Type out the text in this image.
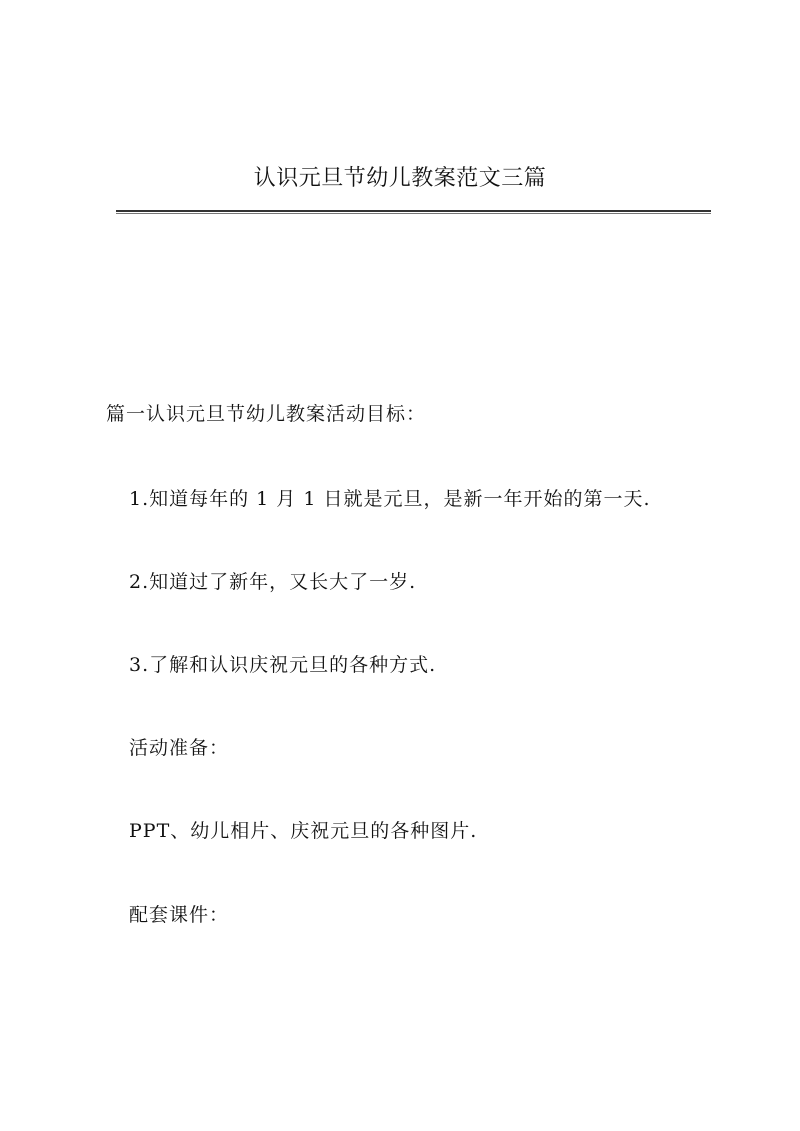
认识元旦节幼儿教案范文三篇

篇一认识元旦节幼儿教案活动目标：

1.知道每年的 1 月 1 日就是元旦，是新一年开始的第一天.

2.知道过了新年，又长大了一岁.

3.了解和认识庆祝元旦的各种方式.

活动准备：

PPT、幼儿相片、庆祝元旦的各种图片.

配套课件：
